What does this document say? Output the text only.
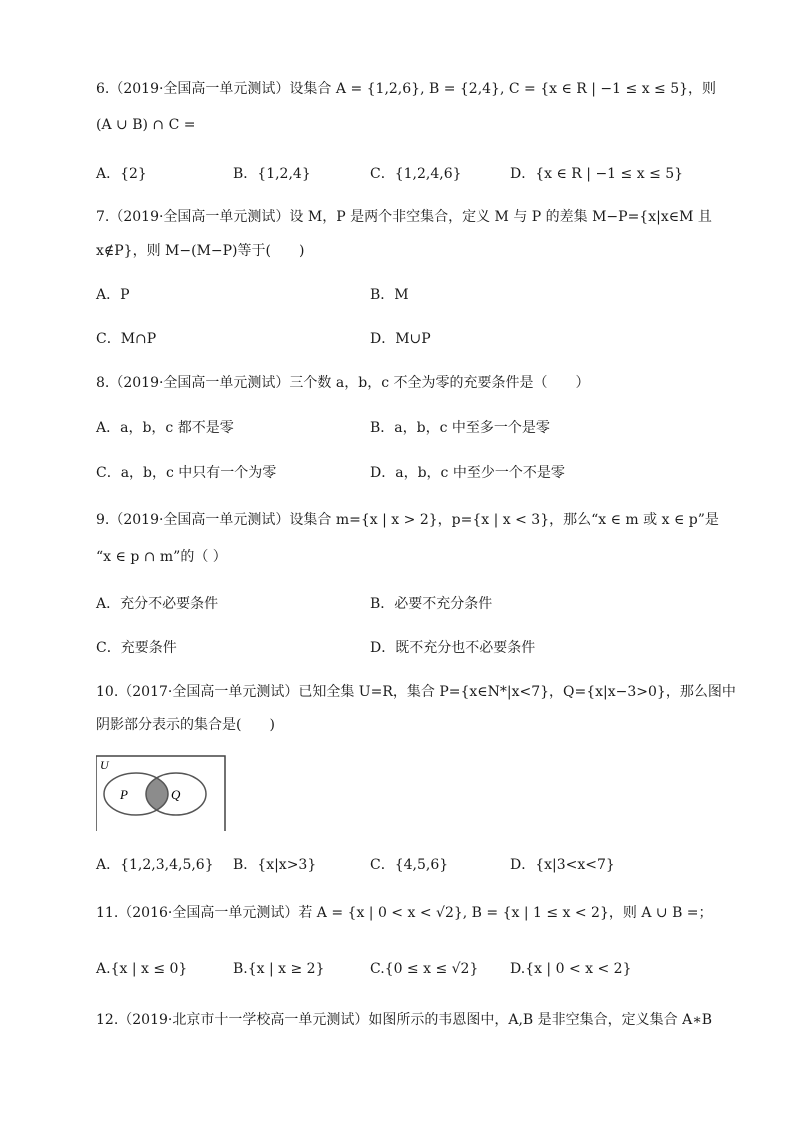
6.（2019·全国高一单元测试）设集合 A = {1,2,6}, B = {2,4}, C = {x ∈ R | −1 ≤ x ≤ 5}，则
(A ∪ B) ∩ C =
A．{2}	B．{1,2,4}	C．{1,2,4,6}	D．{x ∈ R | −1 ≤ x ≤ 5}
7.（2019·全国高一单元测试）设 M，P 是两个非空集合，定义 M 与 P 的差集 M−P={x|x∈M 且
x∉P}，则 M−(M−P)等于(　　)
A．P	B．M
C．M∩P	D．M∪P
8.（2019·全国高一单元测试）三个数 a，b，c 不全为零的充要条件是（　　）
A．a，b，c 都不是零	B．a，b，c 中至多一个是零
C．a，b，c 中只有一个为零	D．a，b，c 中至少一个不是零
9.（2019·全国高一单元测试）设集合 m={x | x > 2}，p={x | x < 3}，那么“x ∈ m 或 x ∈ p”是
“x ∈ p ∩ m”的（ ）
A．充分不必要条件	B．必要不充分条件
C．充要条件	D．既不充分也不必要条件
10.（2017·全国高一单元测试）已知全集 U=R，集合 P={x∈N*|x<7}，Q={x|x−3>0}，那么图中
阴影部分表示的集合是(　　)
U
P	Q
A．{1,2,3,4,5,6} B．{x|x>3}	C．{4,5,6}	D．{x|3<x<7}
11.（2016·全国高一单元测试）若 A = {x | 0 < x < √2}, B = {x | 1 ≤ x < 2}，则 A ∪ B =；
A.{x | x ≤ 0}	B.{x | x ≥ 2}	C.{0 ≤ x ≤ √2} D.{x | 0 < x < 2}
12.（2019·北京市十一学校高一单元测试）如图所示的韦恩图中，A,B 是非空集合，定义集合 A∗B
